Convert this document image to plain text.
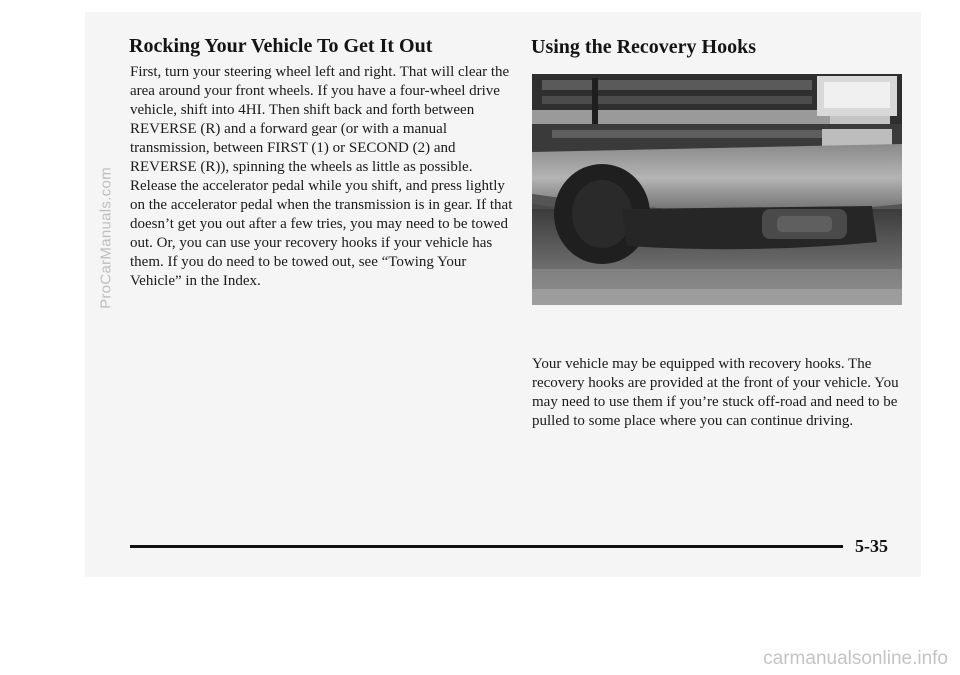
ProCarManuals.com
Rocking Your Vehicle To Get It Out

First, turn your steering wheel left and right. That will clear the area around your front wheels. If you have a four-wheel drive vehicle, shift into 4HI. Then shift back and forth between REVERSE (R) and a forward gear (or with a manual transmission, between FIRST (1) or SECOND (2) and REVERSE (R)), spinning the wheels as little as possible. Release the accelerator pedal while you shift, and press lightly on the accelerator pedal when the transmission is in gear. If that doesn’t get you out after a few tries, you may need to be towed out. Or, you can use your recovery hooks if your vehicle has them. If you do need to be towed out, see “Towing Your Vehicle” in the Index.

Using the Recovery Hooks

Your vehicle may be equipped with recovery hooks. The recovery hooks are provided at the front of your vehicle. You may need to use them if you’re stuck off-road and need to be pulled to some place where you can continue driving.

5-35
carmanualsonline.info
